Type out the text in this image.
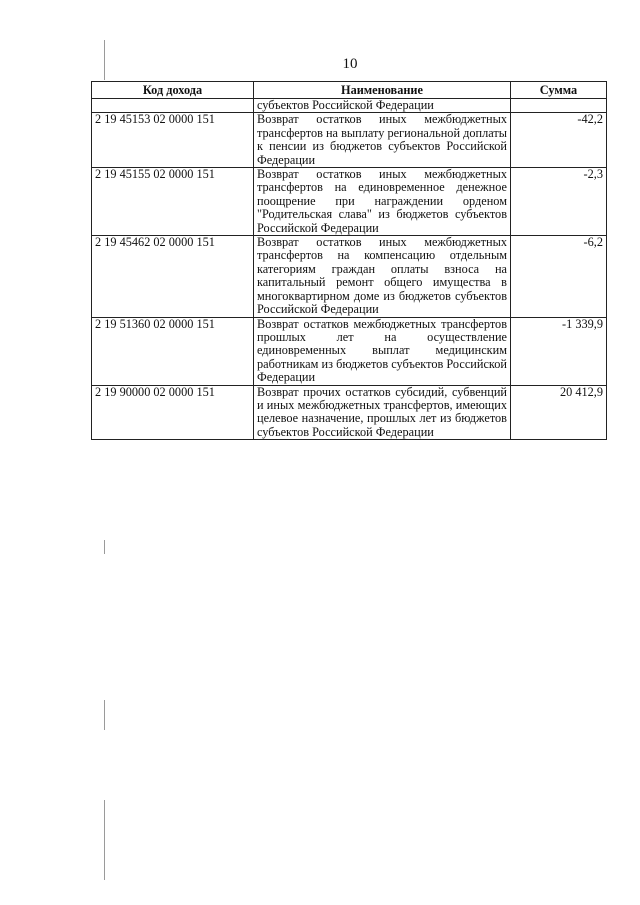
10
Код дохода	Наименование	Сумма
	субъектов Российской Федерации	
2 19 45153 02 0000 151	Возврат остатков иных межбюджетных трансфертов на выплату региональной доплаты к пенсии из бюджетов субъектов Российской Федерации	-42,2
2 19 45155 02 0000 151	Возврат остатков иных межбюджетных трансфертов на единовременное денежное поощрение при награждении орденом "Родительская слава" из бюджетов субъектов Российской Федерации	-2,3
2 19 45462 02 0000 151	Возврат остатков иных межбюджетных трансфертов на компенсацию отдельным категориям граждан оплаты взноса на капитальный ремонт общего имущества в многоквартирном доме из бюджетов субъектов Российской Федерации	-6,2
2 19 51360 02 0000 151	Возврат остатков межбюджетных трансфертов прошлых лет на осуществление единовременных выплат медицинским работникам из бюджетов субъектов Российской Федерации	-1 339,9
2 19 90000 02 0000 151	Возврат прочих остатков субсидий, субвенций и иных межбюджетных трансфертов, имеющих целевое назначение, прошлых лет из бюджетов субъектов Российской Федерации	20 412,9
